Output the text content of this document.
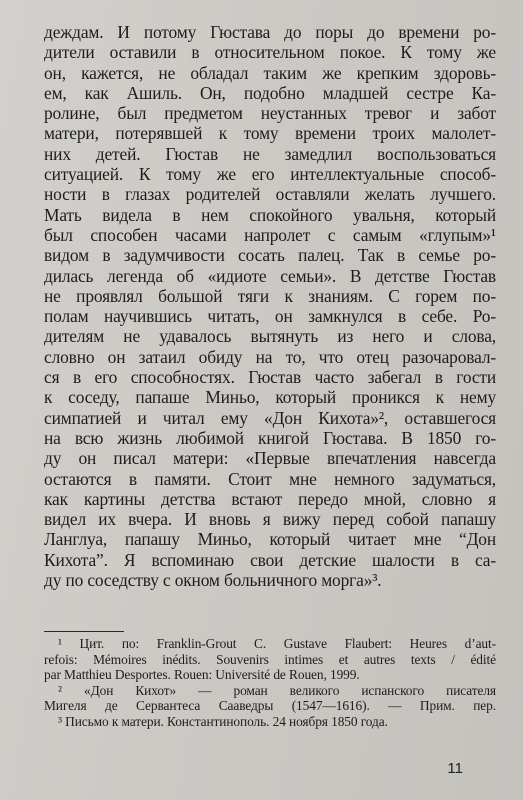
деждам. И потому Гюстава до поры до времени ро-
дители оставили в относительном покое. К тому же
он, кажется, не обладал таким же крепким здоровь-
ем, как Ашиль. Он, подобно младшей сестре Ка-
ролине, был предметом неустанных тревог и забот
матери, потерявшей к тому времени троих малолет-
них детей. Гюстав не замедлил воспользоваться
ситуацией. К тому же его интеллектуальные способ-
ности в глазах родителей оставляли желать лучшего.
Мать видела в нем спокойного увальня, который
был способен часами напролет с самым «глупым»¹
видом в задумчивости сосать палец. Так в семье ро-
дилась легенда об «идиоте семьи». В детстве Гюстав
не проявлял большой тяги к знаниям. С горем по-
полам научившись читать, он замкнулся в себе. Ро-
дителям не удавалось вытянуть из него и слова,
словно он затаил обиду на то, что отец разочаровал-
ся в его способностях. Гюстав часто забегал в гости
к соседу, папаше Миньо, который проникся к нему
симпатией и читал ему «Дон Кихота»², оставшегося
на всю жизнь любимой книгой Гюстава. В 1850 го-
ду он писал матери: «Первые впечатления навсегда
остаются в памяти. Стоит мне немного задуматься,
как картины детства встают передо мной, словно я
видел их вчера. И вновь я вижу перед собой папашу
Ланглуа, папашу Миньо, который читает мне “Дон
Кихота”. Я вспоминаю свои детские шалости в са-
ду по соседству с окном больничного морга»³.
¹ Цит. по: Franklin-Grout C. Gustave Flaubert: Heures d’aut-
refois: Mémoires inédits. Souvenirs intimes et autres texts / édité
par Matthieu Desportes. Rouen: Université de Rouen, 1999.
² «Дон Кихот» — роман великого испанского писателя
Мигеля де Сервантеса Сааведры (1547—1616). — Прим. пер.
³ Письмо к матери. Константинополь. 24 ноября 1850 года.
11
